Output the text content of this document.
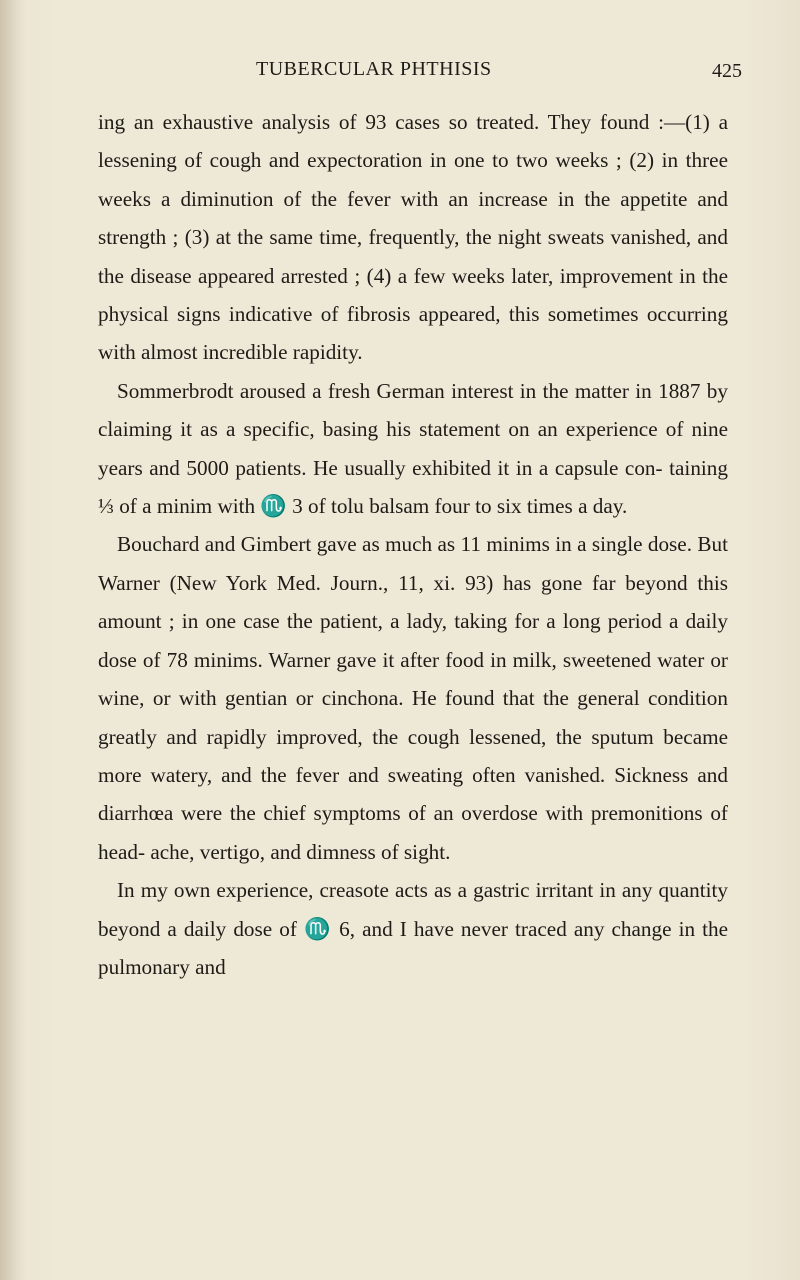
TUBERCULAR PHTHISIS	425

ing an exhaustive analysis of 93 cases so treated. They found :—(1) a lessening of cough and expectoration in one to two weeks ; (2) in three weeks a diminution of the fever with an increase in the appetite and strength ; (3) at the same time, frequently, the night sweats vanished, and the disease appeared arrested ; (4) a few weeks later, improvement in the physical signs indicative of fibrosis appeared, this sometimes occurring with almost incredible rapidity.

Sommerbrodt aroused a fresh German interest in the matter in 1887 by claiming it as a specific, basing his statement on an experience of nine years and 5000 patients. He usually exhibited it in a capsule con- taining ⅓ of a minim with ♏ 3 of tolu balsam four to six times a day.

Bouchard and Gimbert gave as much as 11 minims in a single dose. But Warner (New York Med. Journ., 11, xi. 93) has gone far beyond this amount ; in one case the patient, a lady, taking for a long period a daily dose of 78 minims. Warner gave it after food in milk, sweetened water or wine, or with gentian or cinchona. He found that the general condition greatly and rapidly improved, the cough lessened, the sputum became more watery, and the fever and sweating often vanished. Sickness and diarrhœa were the chief symptoms of an overdose with premonitions of head- ache, vertigo, and dimness of sight.

In my own experience, creasote acts as a gastric irritant in any quantity beyond a daily dose of ♏ 6, and I have never traced any change in the pulmonary and
